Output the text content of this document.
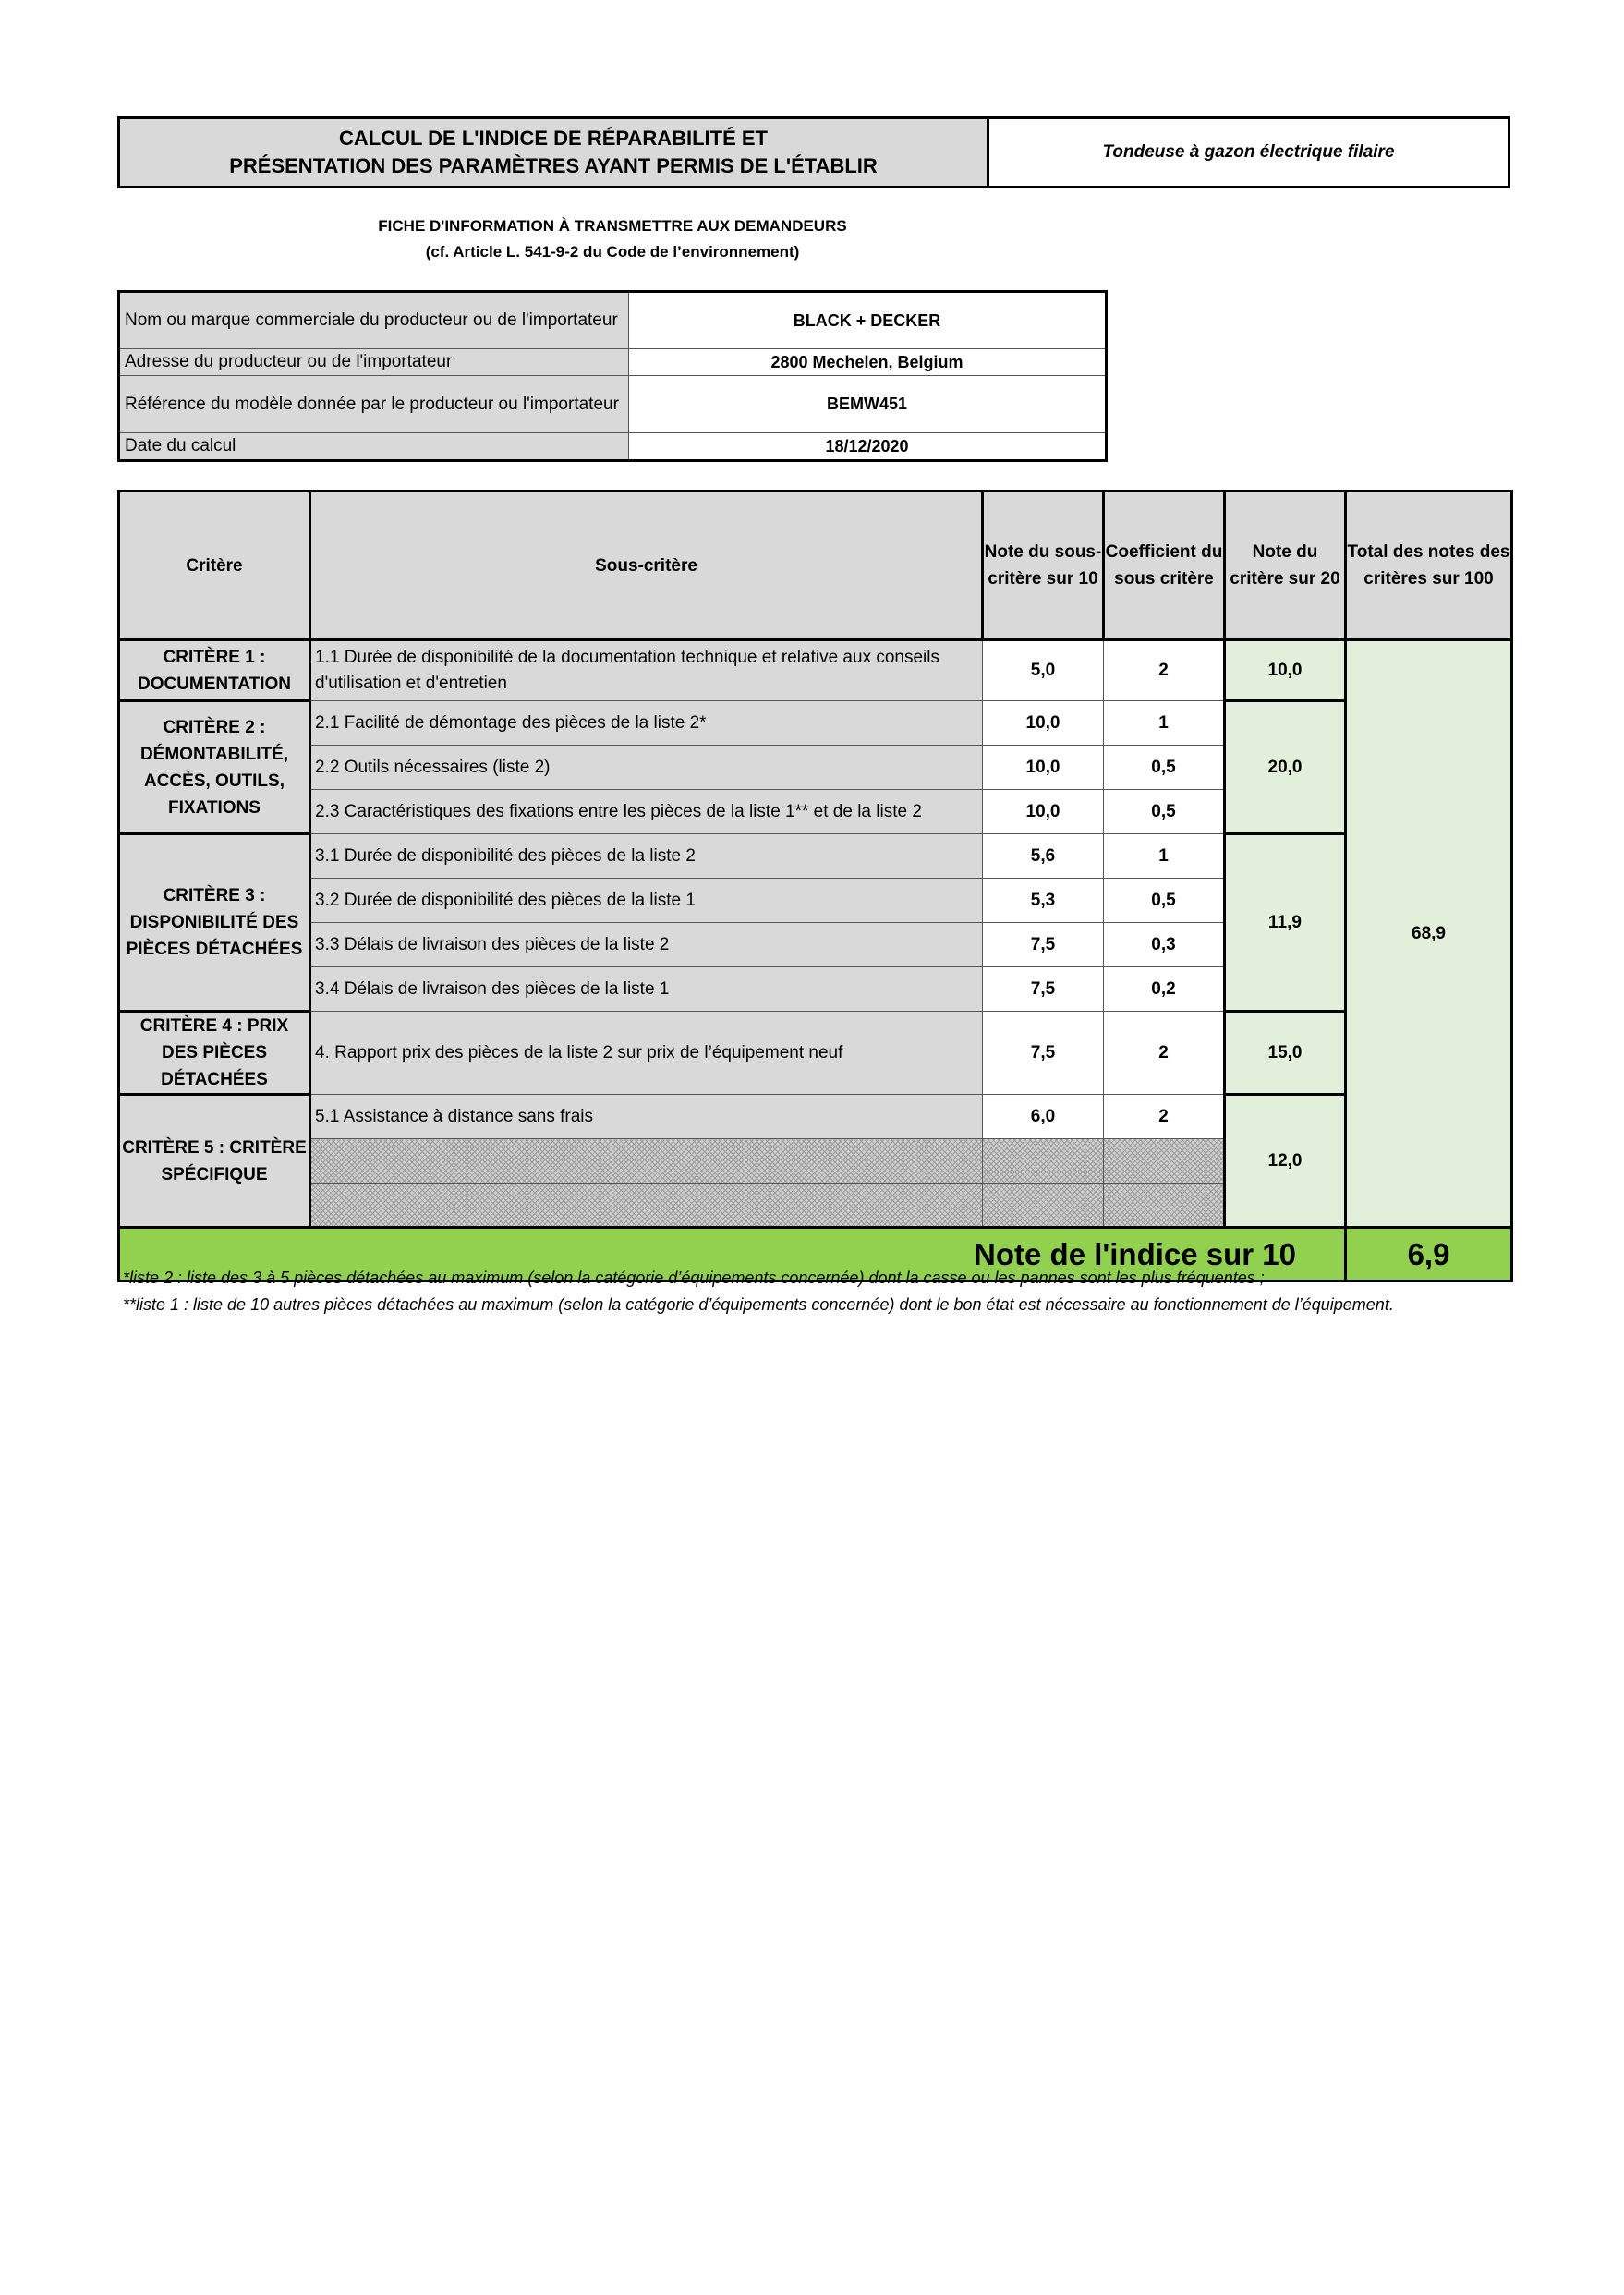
CALCUL DE L'INDICE DE RÉPARABILITÉ ET
PRÉSENTATION DES PARAMÈTRES AYANT PERMIS DE L'ÉTABLIR
Tondeuse à gazon électrique filaire
FICHE D'INFORMATION À TRANSMETTRE AUX DEMANDEURS
(cf. Article L. 541-9-2 du Code de l’environnement)
Nom ou marque commerciale du producteur ou de l'importateur	BLACK + DECKER
Adresse du producteur ou de l'importateur	2800 Mechelen, Belgium
Référence du modèle donnée par le producteur ou l'importateur	BEMW451
Date du calcul	18/12/2020
Critère	Sous-critère	Note du sous-critère sur 10	Coefficient du sous critère	Note du critère sur 20	Total des notes des critères sur 100
CRITÈRE 1 : DOCUMENTATION	1.1 Durée de disponibilité de la documentation technique et relative aux conseils d'utilisation et d'entretien	5,0	2	10,0	68,9
CRITÈRE 2 : DÉMONTABILITÉ, ACCÈS, OUTILS, FIXATIONS	2.1 Facilité de démontage des pièces de la liste 2*	10,0	1	20,0	
	2.2 Outils nécessaires (liste 2)	10,0	0,5		
	2.3 Caractéristiques des fixations entre les pièces de la liste 1** et de la liste 2	10,0	0,5		
CRITÈRE 3 : DISPONIBILITÉ DES PIÈCES DÉTACHÉES	3.1 Durée de disponibilité des pièces de la liste 2	5,6	1	11,9	
	3.2 Durée de disponibilité des pièces de la liste 1	5,3	0,5		
	3.3 Délais de livraison des pièces de la liste 2	7,5	0,3		
	3.4 Délais de livraison des pièces de la liste 1	7,5	0,2		
CRITÈRE 4 : PRIX DES PIÈCES DÉTACHÉES	4. Rapport prix des pièces de la liste 2 sur prix de l’équipement neuf	7,5	2	15,0	
CRITÈRE 5 : CRITÈRE SPÉCIFIQUE	5.1 Assistance à distance sans frais	6,0	2	12,0	

Note de l'indice sur 10					6,9
*liste 2 : liste des 3 à 5 pièces détachées au maximum (selon la catégorie d’équipements concernée) dont la casse ou les pannes sont les plus fréquentes ;
**liste 1 : liste de 10 autres pièces détachées au maximum (selon la catégorie d’équipements concernée) dont le bon état est nécessaire au fonctionnement de l’équipement.
